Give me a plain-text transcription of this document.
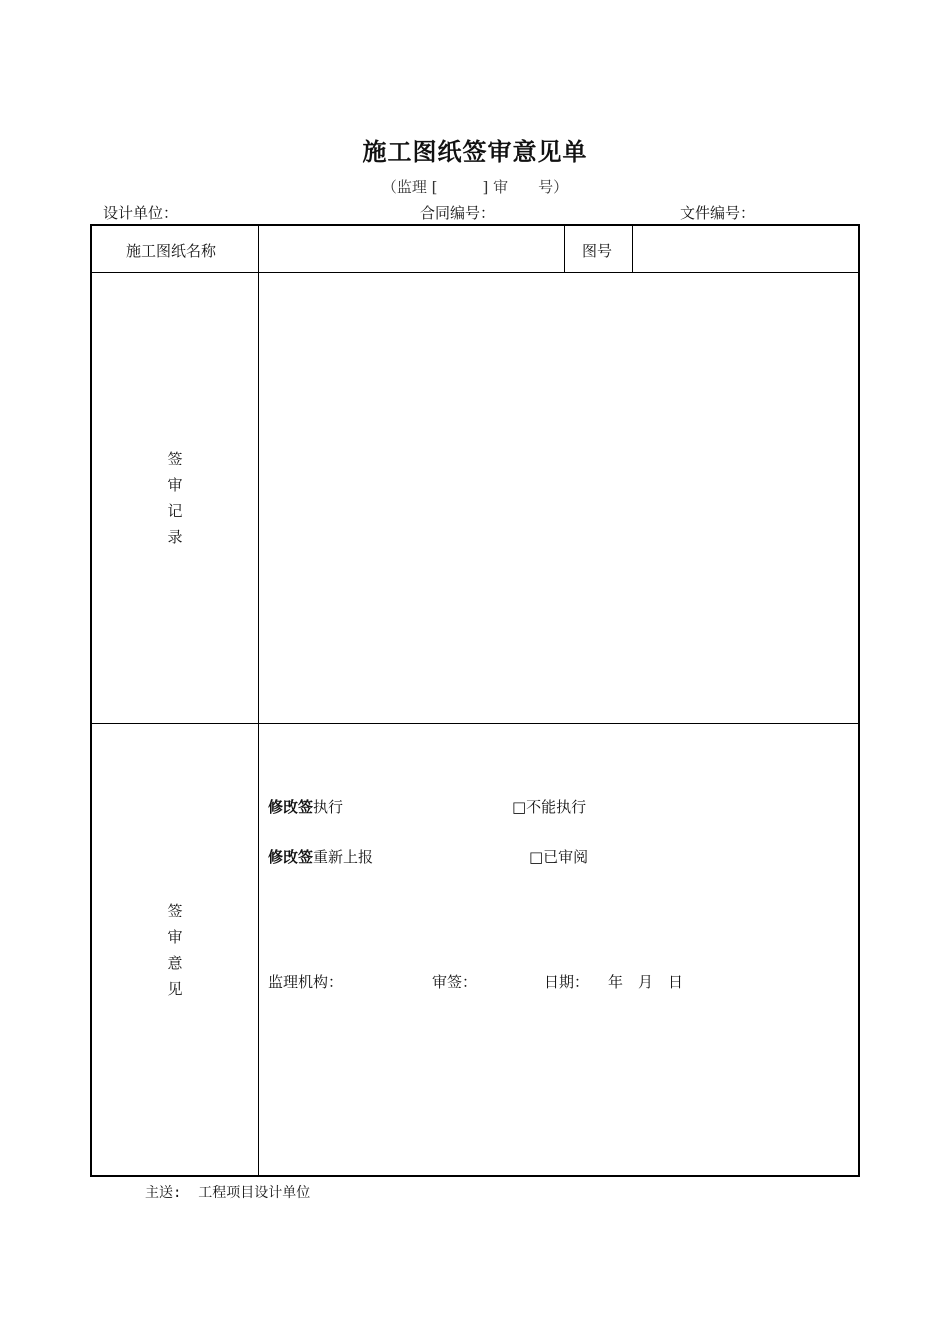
施工图纸签审意见单
（监理 [　　　] 审　　号）
设计单位：	合同编号：	文件编号：
施工图纸名称	图号
签
审
记
录
签
审
意
见
修攺签执行	□不能执行
修攺签重新上报	□已审阅
监理机构：	审签：	日期： 年　月　日
主送:  工程项目设计单位
